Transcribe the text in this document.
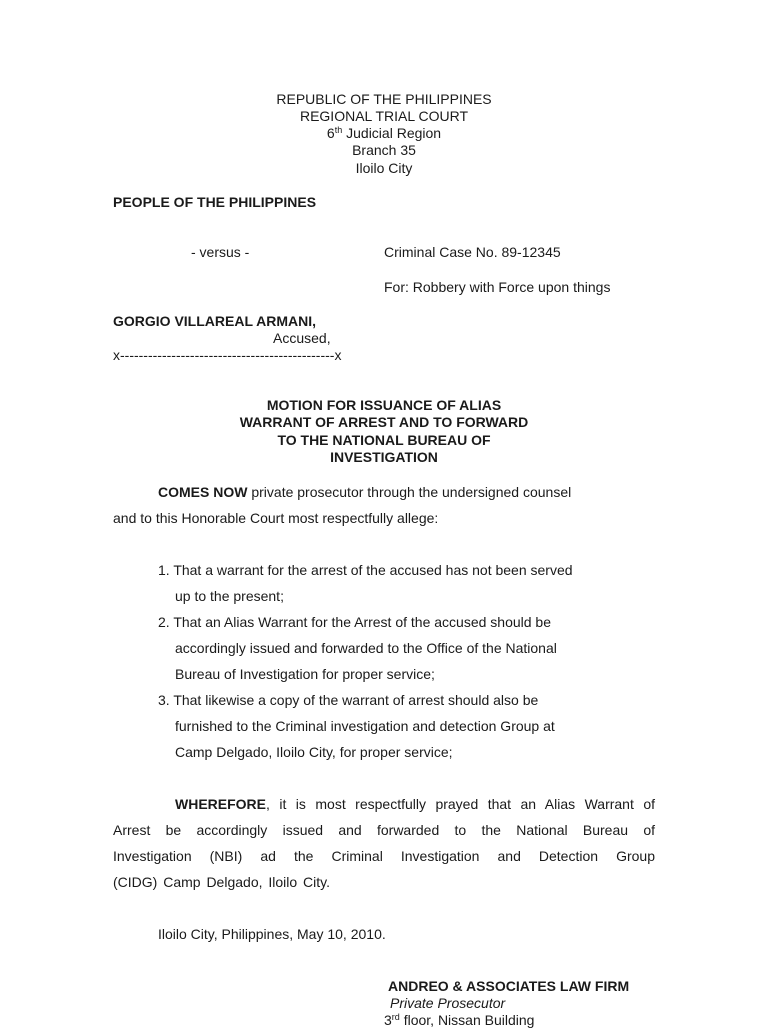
REPUBLIC OF THE PHILIPPINES
REGIONAL TRIAL COURT
6th Judicial Region
Branch 35
Iloilo City
PEOPLE OF THE PHILIPPINES
- versus -	Criminal Case No. 89-12345
For: Robbery with Force upon things
GORGIO VILLAREAL ARMANI,
Accused,
x----------------------------------------------x
MOTION FOR ISSUANCE OF ALIAS
WARRANT OF ARREST AND TO FORWARD
TO THE NATIONAL BUREAU OF
INVESTIGATION
COMES NOW private prosecutor through the undersigned counsel
and to this Honorable Court most respectfully allege:
1. That a warrant for the arrest of the accused has not been served
up to the present;
2. That an Alias Warrant for the Arrest of the accused should be
accordingly issued and forwarded to the Office of the National
Bureau of Investigation for proper service;
3. That likewise a copy of the warrant of arrest should also be
furnished to the Criminal investigation and detection Group at
Camp Delgado, Iloilo City, for proper service;
WHEREFORE, it is most respectfully prayed that an Alias Warrant of
Arrest be accordingly issued and forwarded to the National Bureau of
Investigation (NBI) ad the Criminal Investigation and Detection Group
(CIDG) Camp Delgado, Iloilo City.
Iloilo City, Philippines, May 10, 2010.
ANDREO & ASSOCIATES LAW FIRM
Private Prosecutor
3rd floor, Nissan Building
